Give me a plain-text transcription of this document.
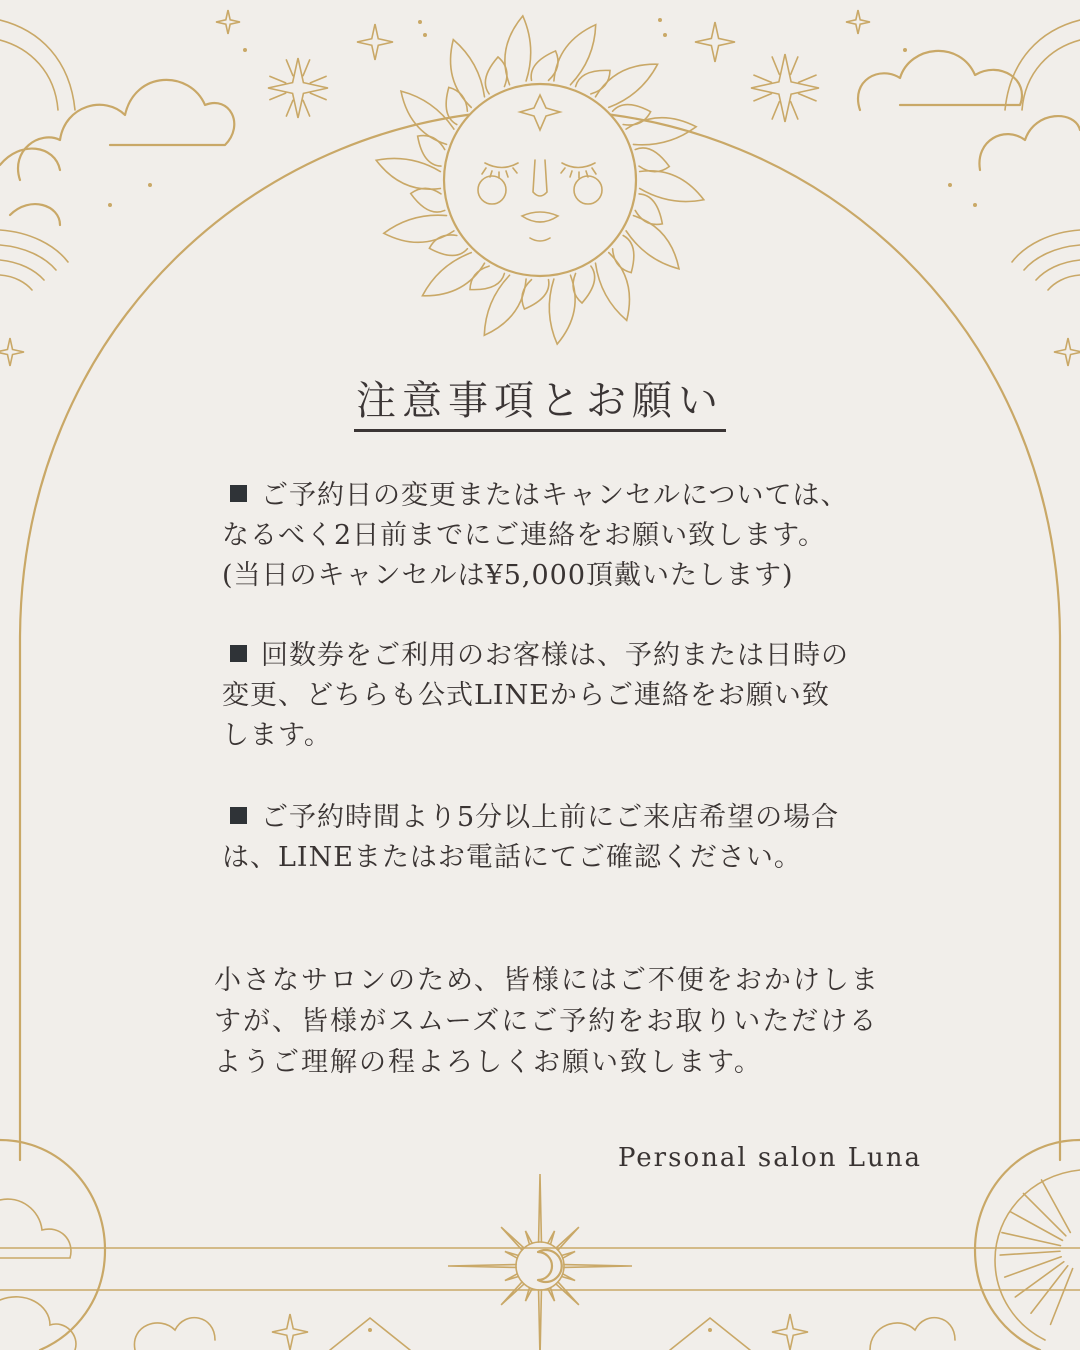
注意事項とお願い

ご予約日の変更またはキャンセルについては、

なるべく2日前までにご連絡をお願い致します。

(当日のキャンセルは¥5,000頂戴いたします)

回数券をご利用のお客様は、予約または日時の

変更、どちらも公式LINEからご連絡をお願い致

します。

ご予約時間より5分以上前にご来店希望の場合

は、LINEまたはお電話にてご確認ください。

小さなサロンのため、皆様にはご不便をおかけしま

すが、皆様がスムーズにご予約をお取りいただける

ようご理解の程よろしくお願い致します。

Personal salon Luna
